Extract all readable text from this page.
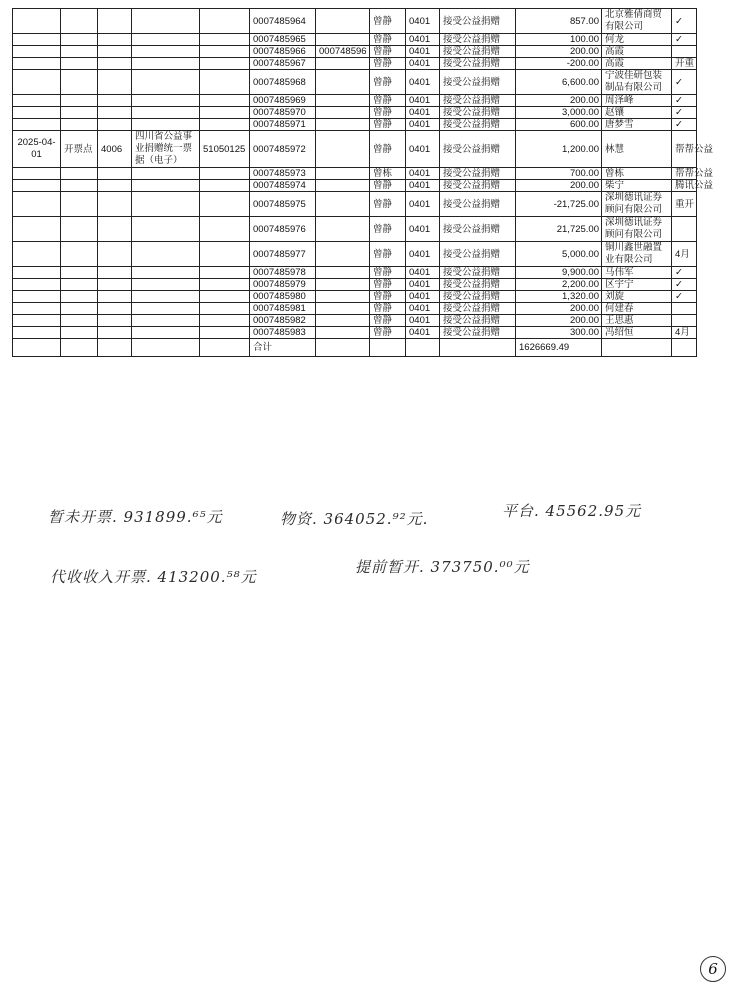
					0007485964		曾静	0401	接受公益捐赠	857.00	北京雅倩商贸有限公司	✓
					0007485965		曾静	0401	接受公益捐赠	100.00	何龙	✓
					0007485966	000748596	曾静	0401	接受公益捐赠	200.00	高霞	
					0007485967		曾静	0401	接受公益捐赠	-200.00	高霞	开重
					0007485968		曾静	0401	接受公益捐赠	6,600.00	宁波佳研包装制品有限公司	✓
					0007485969		曾静	0401	接受公益捐赠	200.00	周泽峰	✓
					0007485970		曾静	0401	接受公益捐赠	3,000.00	赵镶	✓
					0007485971		曾静	0401	接受公益捐赠	600.00	唐梦雪	✓
2025-04-01	开票点	4006	四川省公益事业捐赠统一票据（电子）	51050125	0007485972		曾静	0401	接受公益捐赠	1,200.00	林慧	帮帮公益
					0007485973		曾栋	0401	接受公益捐赠	700.00	曾栋	帮帮公益
					0007485974		曾静	0401	接受公益捐赠	200.00	柴宁	腾讯公益
					0007485975		曾静	0401	接受公益捐赠	-21,725.00	深圳德讯证券顾问有限公司	重开
					0007485976		曾静	0401	接受公益捐赠	21,725.00	深圳德讯证券顾问有限公司	
					0007485977		曾静	0401	接受公益捐赠	5,000.00	铜川鑫世融置业有限公司	4月
					0007485978		曾静	0401	接受公益捐赠	9,900.00	马伟军	✓
					0007485979		曾静	0401	接受公益捐赠	2,200.00	区宇宁	✓
					0007485980		曾静	0401	接受公益捐赠	1,320.00	刘旋	✓
					0007485981		曾静	0401	接受公益捐赠	200.00	何建春	
					0007485982		曾静	0401	接受公益捐赠	200.00	王思惠	
					0007485983		曾静	0401	接受公益捐赠	300.00	冯绍恒	4月
					合计					1626669.49		
暂未开票. 931899.⁶⁵元	物资. 364052.⁹²元.	平台. 45562.95元
代收收入开票. 413200.⁵⁸元
提前暂开. 373750.⁰⁰元
6
